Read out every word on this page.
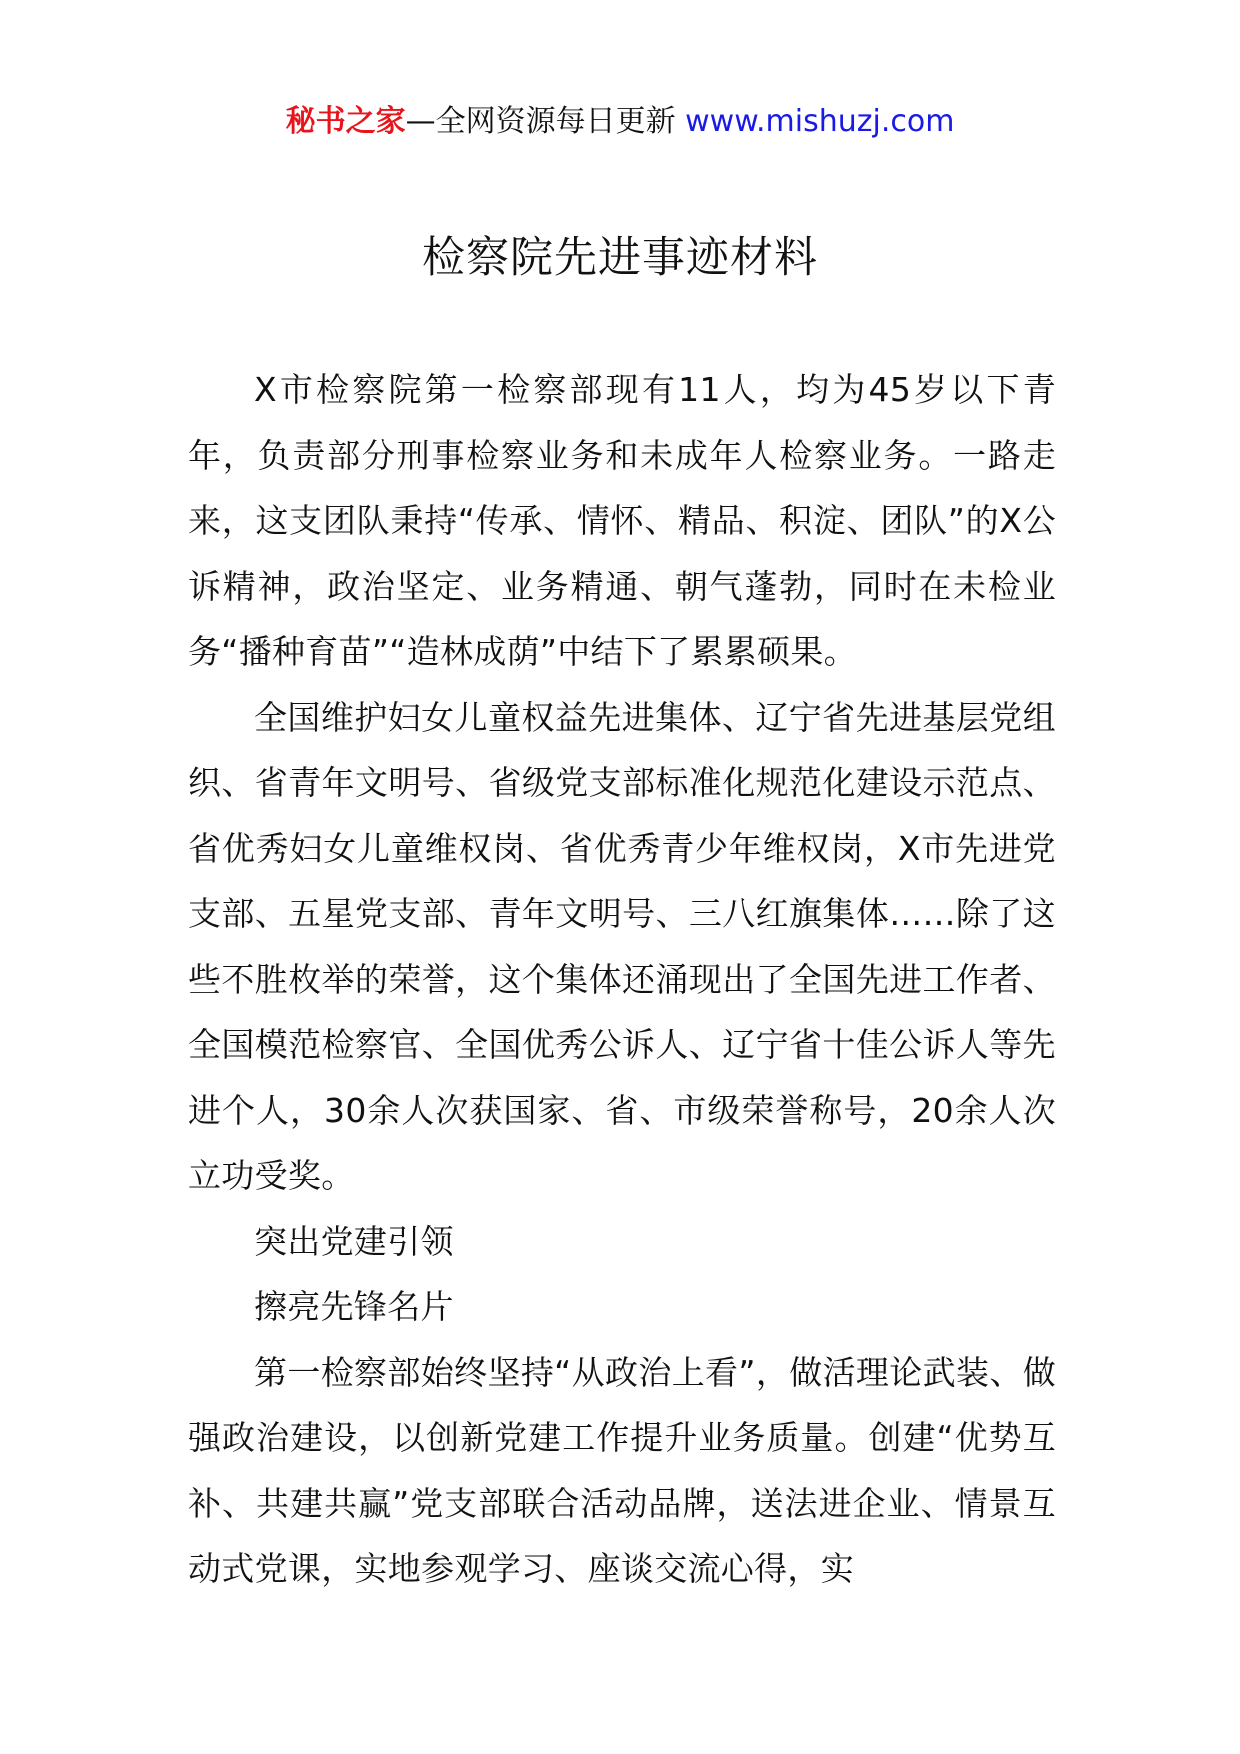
秘书之家—全网资源每日更新 www.mishuzj.com
检察院先进事迹材料

X市检察院第一检察部现有11人，均为45岁以下青年，负责部分刑事检察业务和未成年人检察业务。一路走来，这支团队秉持“传承、情怀、精品、积淀、团队”的X公诉精神，政治坚定、业务精通、朝气蓬勃，同时在未检业务“播种育苗”“造林成荫”中结下了累累硕果。

全国维护妇女儿童权益先进集体、辽宁省先进基层党组织、省青年文明号、省级党支部标准化规范化建设示范点、省优秀妇女儿童维权岗、省优秀青少年维权岗，X市先进党支部、五星党支部、青年文明号、三八红旗集体……除了这些不胜枚举的荣誉，这个集体还涌现出了全国先进工作者、全国模范检察官、全国优秀公诉人、辽宁省十佳公诉人等先进个人，30余人次获国家、省、市级荣誉称号，20余人次立功受奖。

突出党建引领

擦亮先锋名片

第一检察部始终坚持“从政治上看”，做活理论武装、做强政治建设，以创新党建工作提升业务质量。创建“优势互补、共建共赢”党支部联合活动品牌，送法进企业、情景互动式党课，实地参观学习、座谈交流心得，实
